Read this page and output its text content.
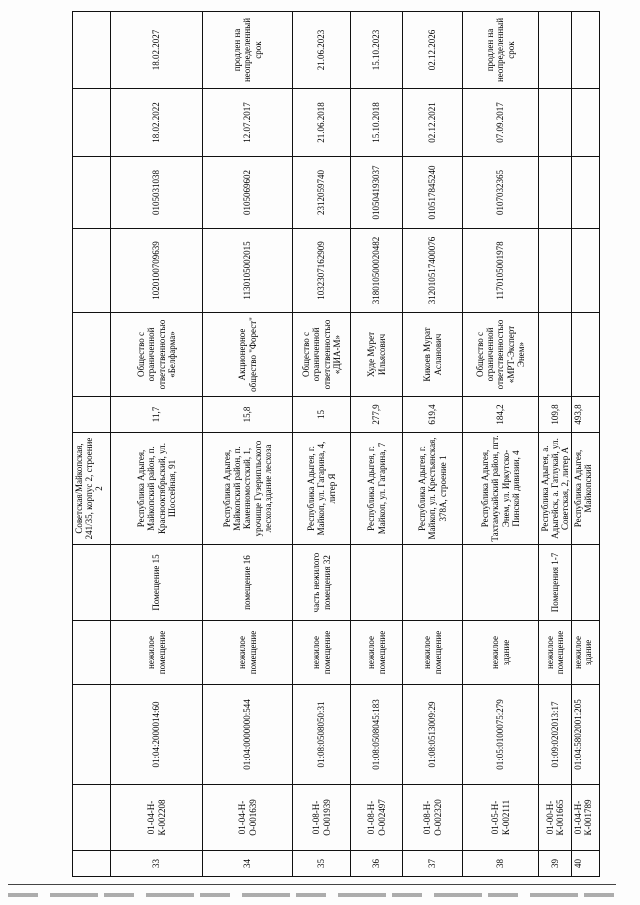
					Советская/Майкопская, 241/35, корпус 2, строение 2						
33	01-04-Н-К-002208	01:04:2000014:60	нежилое помещение	Помещение 15	Республика Адыгея, Майкопский район, п. Краснооктябрьский, ул. Шоссейная, 91	11,7	Общество с ограниченной ответственностью «Белфарма»	1020100709639	0105031038	18.02.2022	18.02.2027
34	01-04-Н-О-001639	01:04:0000000:544	нежилое помещение	помещение 16	Республика Адыгея, Майкопский район, п. Каменномостский, 1, урочище Гузерипльского лесхоза,здание лесхоза	15,8	Акционерное общество "Форест"	1130105002015	0105069602	12.07.2017	продлен на неопределенный срок
35	01-08-Н-О-001939	01:08:0508050:31	нежилое помещение	часть нежилого помещения 32	Республика Адыгея, г. Майкоп, ул. Гагарина, 4, литер Я	15	Общество с ограниченной ответственностью «ДИА-М»	1032307162909	2312059740	21.06.2018	21.06.2023
36	01-08-Н-О-002497	01:08:0508045:183	нежилое помещение		Республика Адыгея, г. Майкоп, ул. Гагарина, 7	277,9	Худе Мурет Ильясович	318010500020482	010504193037	15.10.2018	15.10.2023
37	01-08-Н-О-002320	01:08:0513009:29	нежилое помещение		Республика Адыгея, г. Майкоп, ул. Крестьянская, 378А, строение 1	619,4	Кикоев Мурат Асланович	312010517400076	010517845240	02.12.2021	02.12.2026
38	01-05-Н-К-002111	01:05:0100075:279	нежилое здание		Республика Адыгея, Тахтамукайский район, пгт. Энем, ул. Иркутско-Пинской дивизии, 4	184,2	Общество с ограниченной ответственностью «МРТ-Эксперт Энем»	1170105001978	0107032365	07.09.2017	продлен на неопределенный срок
39	01-00-Н-К-001665	01:09:0202013:17	нежилое помещение	Помещения 1-7	Республика Адыгея, а. Адыгейск, а. Гатлукай, ул. Советская, 2, литер А	109,8					
40	01-04-Н-К-001789	01:04:5802001:205	нежилое здание		Республика Адыгея, Майкопский	493,8					
